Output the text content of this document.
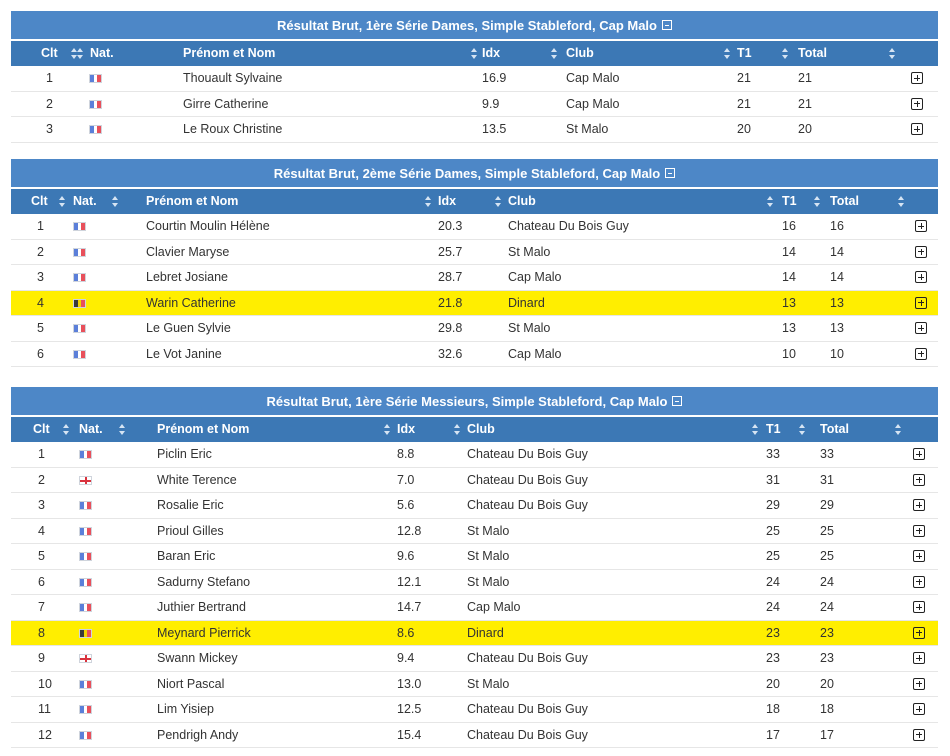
Résultat Brut, 1ère Série Dames, Simple Stableford, Cap Malo
Clt	Nat.	Prénom et Nom	Idx	Club	T1	Total
1	Thouault Sylvaine	16.9	Cap Malo	21	21
2	Girre Catherine	9.9	Cap Malo	21	21
3	Le Roux Christine	13.5	St Malo	20	20
Résultat Brut, 2ème Série Dames, Simple Stableford, Cap Malo
Clt Nat.	Prénom et Nom	Idx	Club	T1	Total
1	Courtin Moulin Hélène	20.3	Chateau Du Bois Guy	16	16
2	Clavier Maryse	25.7	St Malo	14	14
3	Lebret Josiane	28.7	Cap Malo	14	14
4	Warin Catherine	21.8	Dinard	13	13
5	Le Guen Sylvie	29.8	St Malo	13	13
6	Le Vot Janine	32.6	Cap Malo	10	10
Résultat Brut, 1ère Série Messieurs, Simple Stableford, Cap Malo
Clt Nat.	Prénom et Nom	Idx	Club	T1	Total
1	Piclin Eric	8.8	Chateau Du Bois Guy	33	33
2	White Terence	7.0	Chateau Du Bois Guy	31	31
3	Rosalie Eric	5.6	Chateau Du Bois Guy	29	29
4	Prioul Gilles	12.8	St Malo	25	25
5	Baran Eric	9.6	St Malo	25	25
6	Sadurny Stefano	12.1	St Malo	24	24
7	Juthier Bertrand	14.7	Cap Malo	24	24
8	Meynard Pierrick	8.6	Dinard	23	23
9	Swann Mickey	9.4	Chateau Du Bois Guy	23	23
10	Niort Pascal	13.0	St Malo	20	20
11	Lim Yisiep	12.5	Chateau Du Bois Guy	18	18
12	Pendrigh Andy	15.4	Chateau Du Bois Guy	17	17
